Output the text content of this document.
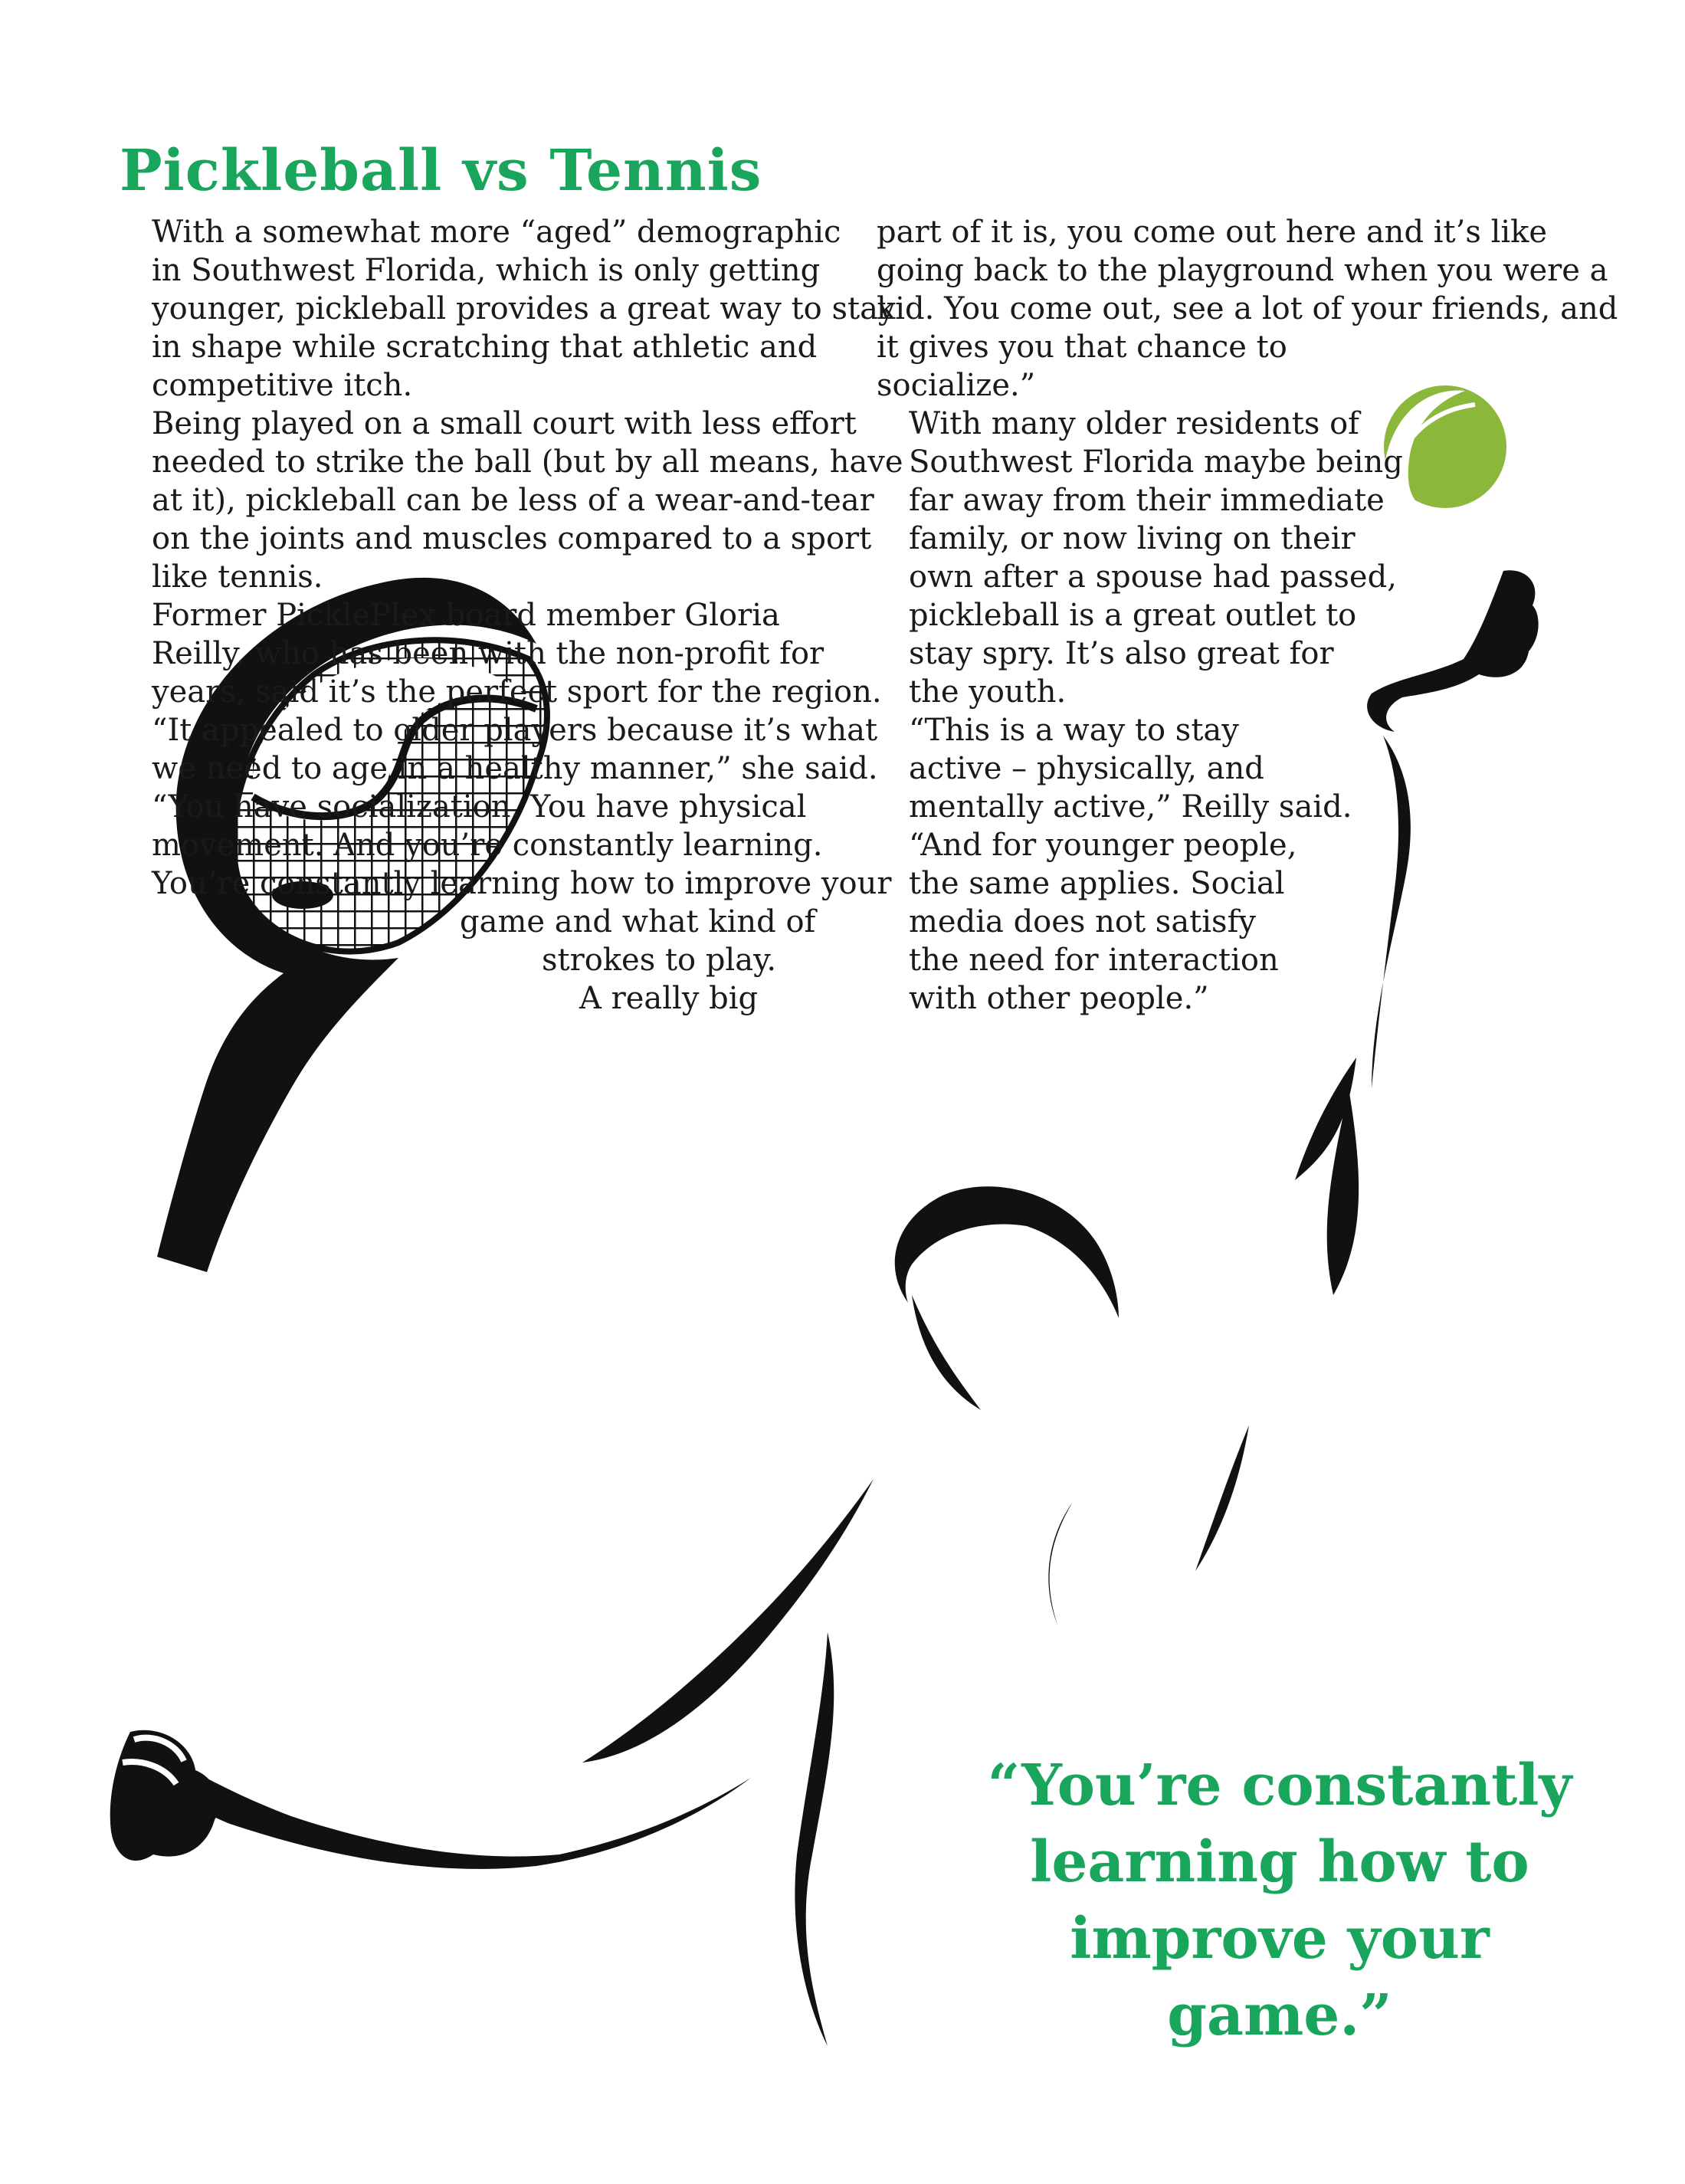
Pickleball vs Tennis

With a somewhat more “aged” demographic
in Southwest Florida, which is only getting
younger, pickleball provides a great way to stay
in shape while scratching that athletic and
competitive itch.

Being played on a small court with less effort
needed to strike the ball (but by all means, have
at it), pickleball can be less of a wear-and-tear
on the joints and muscles compared to a sport
like tennis.

Former PicklePlex board member Gloria
Reilly, who has been with the non-profit for
years, said it’s the perfect sport for the region.

“It appealed to older players because it’s what
we need to age in a healthy manner,” she said.
“You have socialization. You have physical
movement. And you’re constantly learning.
You’re constantly learning how to improve your

game and what kind of
strokes to play.
A really big

part of it is, you come out here and it’s like
going back to the playground when you were a
kid. You come out, see a lot of your friends, and
it gives you that chance to
socialize.”

With many older residents of
Southwest Florida maybe being
far away from their immediate
family, or now living on their
own after a spouse had passed,
pickleball is a great outlet to
stay spry. It’s also great for
the youth.

“This is a way to stay
active – physically, and
mentally active,” Reilly said.
“And for younger people,
the same applies. Social
media does not satisfy
the need for interaction
with other people.”

“You’re constantly
learning how to
improve your
game.”
